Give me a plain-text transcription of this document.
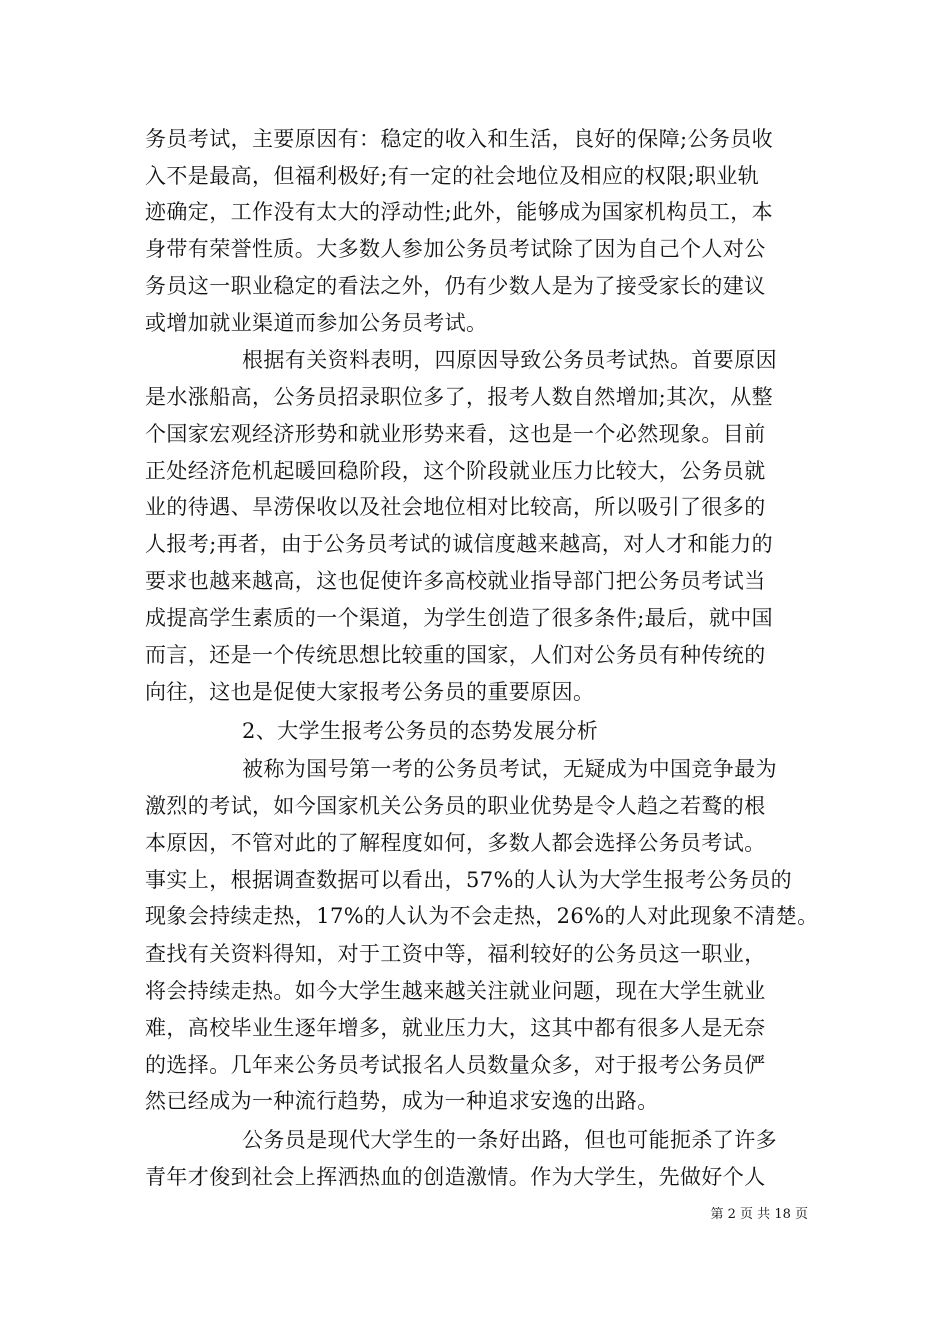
务员考试，主要原因有：稳定的收入和生活，良好的保障;公务员收
入不是最高，但福利极好;有一定的社会地位及相应的权限;职业轨
迹确定，工作没有太大的浮动性;此外，能够成为国家机构员工，本
身带有荣誉性质。大多数人参加公务员考试除了因为自己个人对公
务员这一职业稳定的看法之外，仍有少数人是为了接受家长的建议
或增加就业渠道而参加公务员考试。
根据有关资料表明，四原因导致公务员考试热。首要原因
是水涨船高，公务员招录职位多了，报考人数自然增加;其次，从整
个国家宏观经济形势和就业形势来看，这也是一个必然现象。目前
正处经济危机起暖回稳阶段，这个阶段就业压力比较大，公务员就
业的待遇、旱涝保收以及社会地位相对比较高，所以吸引了很多的
人报考;再者，由于公务员考试的诚信度越来越高，对人才和能力的
要求也越来越高，这也促使许多高校就业指导部门把公务员考试当
成提高学生素质的一个渠道，为学生创造了很多条件;最后，就中国
而言，还是一个传统思想比较重的国家，人们对公务员有种传统的
向往，这也是促使大家报考公务员的重要原因。
2、大学生报考公务员的态势发展分析
被称为国号第一考的公务员考试，无疑成为中国竞争最为
激烈的考试，如今国家机关公务员的职业优势是令人趋之若鹜的根
本原因，不管对此的了解程度如何，多数人都会选择公务员考试。
事实上，根据调查数据可以看出，57%的人认为大学生报考公务员的
现象会持续走热，17%的人认为不会走热，26%的人对此现象不清楚。
查找有关资料得知，对于工资中等，福利较好的公务员这一职业，
将会持续走热。如今大学生越来越关注就业问题，现在大学生就业
难，高校毕业生逐年增多，就业压力大，这其中都有很多人是无奈
的选择。几年来公务员考试报名人员数量众多，对于报考公务员俨
然已经成为一种流行趋势，成为一种追求安逸的出路。
公务员是现代大学生的一条好出路，但也可能扼杀了许多
青年才俊到社会上挥洒热血的创造激情。作为大学生，先做好个人
第 2 页 共 18 页
